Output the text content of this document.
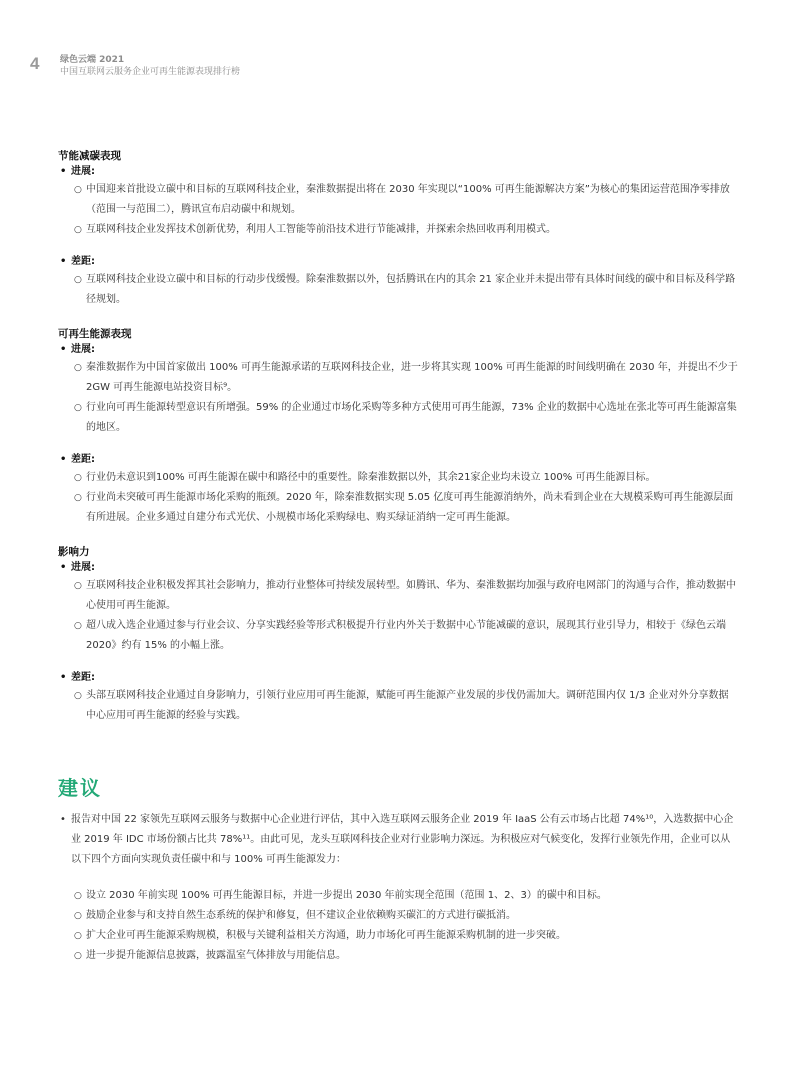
4 绿色云端 2021
中国互联网云服务企业可再生能源表现排行榜

节能减碳表现

• 进展:

○ 中国迎来首批设立碳中和目标的互联网科技企业，秦淮数据提出将在 2030 年实现以“100% 可再生能源解决方案”为核心的集团运营范围净零排放（范围一与范围二），腾讯宣布启动碳中和规划。

○ 互联网科技企业发挥技术创新优势，利用人工智能等前沿技术进行节能减排，并探索余热回收再利用模式。

• 差距:

○ 互联网科技企业设立碳中和目标的行动步伐缓慢。除秦淮数据以外，包括腾讯在内的其余 21 家企业并未提出带有具体时间线的碳中和目标及科学路径规划。

可再生能源表现

• 进展:

○ 秦淮数据作为中国首家做出 100% 可再生能源承诺的互联网科技企业，进一步将其实现 100% 可再生能源的时间线明确在 2030 年，并提出不少于 2GW 可再生能源电站投资目标⁹。

○ 行业向可再生能源转型意识有所增强。59% 的企业通过市场化采购等多种方式使用可再生能源，73% 企业的数据中心选址在张北等可再生能源富集的地区。

• 差距:

○ 行业仍未意识到100% 可再生能源在碳中和路径中的重要性。除秦淮数据以外，其余21家企业均未设立 100% 可再生能源目标。

○ 行业尚未突破可再生能源市场化采购的瓶颈。2020 年，除秦淮数据实现 5.05 亿度可再生能源消纳外，尚未看到企业在大规模采购可再生能源层面有所进展。企业多通过自建分布式光伏、小规模市场化采购绿电、购买绿证消纳一定可再生能源。

影响力

• 进展:

○ 互联网科技企业积极发挥其社会影响力，推动行业整体可持续发展转型。如腾讯、华为、秦淮数据均加强与政府电网部门的沟通与合作，推动数据中心使用可再生能源。

○ 超八成入选企业通过参与行业会议、分享实践经验等形式积极提升行业内外关于数据中心节能减碳的意识，展现其行业引导力，相较于《绿色云端 2020》约有 15% 的小幅上涨。

• 差距:

○ 头部互联网科技企业通过自身影响力，引领行业应用可再生能源，赋能可再生能源产业发展的步伐仍需加大。调研范围内仅 1/3 企业对外分享数据中心应用可再生能源的经验与实践。

建议

• 报告对中国 22 家领先互联网云服务与数据中心企业进行评估，其中入选互联网云服务企业 2019 年 IaaS 公有云市场占比超 74%¹⁰，入选数据中心企业 2019 年 IDC 市场份额占比共 78%¹¹。由此可见，龙头互联网科技企业对行业影响力深远。为积极应对气候变化，发挥行业领先作用，企业可以从以下四个方面向实现负责任碳中和与 100% 可再生能源发力：

○ 设立 2030 年前实现 100% 可再生能源目标，并进一步提出 2030 年前实现全范围（范围 1、2、3）的碳中和目标。

○ 鼓励企业参与和支持自然生态系统的保护和修复，但不建议企业依赖购买碳汇的方式进行碳抵消。

○ 扩大企业可再生能源采购规模，积极与关键利益相关方沟通，助力市场化可再生能源采购机制的进一步突破。

○ 进一步提升能源信息披露，披露温室气体排放与用能信息。
